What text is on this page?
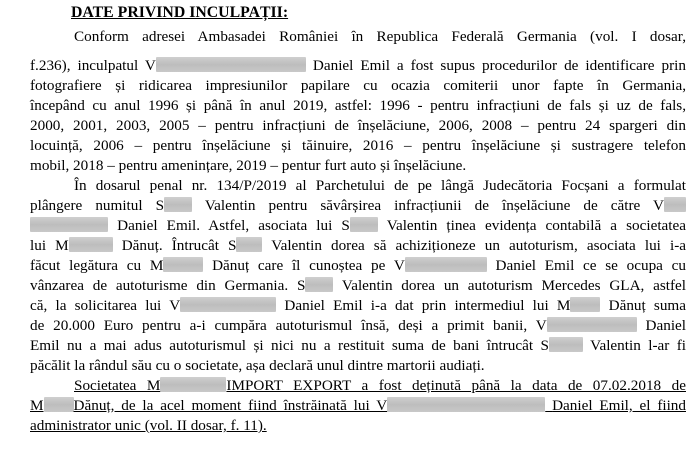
DATE PRIVIND INCULPAȚII:
Conform adresei Ambasadei României în Republica Federală Germania (vol. I dosar,
f.236), inculpatul V	Daniel Emil a fost supus procedurilor de identificare prin
fotografiere și ridicarea impresiunilor papilare cu ocazia comiterii unor fapte în Germania,
începând cu anul 1996 și până în anul 2019, astfel: 1996 - pentru infracțiuni de fals și uz de fals,
2000, 2001, 2003, 2005 – pentru infracțiuni de înșelăciune, 2006, 2008 – pentru 24 spargeri din
locuință, 2006 – pentru înșelăciune și tăinuire, 2016 – pentru înșelăciune și sustragere telefon
mobil, 2018 – pentru amenințare, 2019 – pentur furt auto și înșelăciune.
În dosarul penal nr. 134/P/2019 al Parchetului de pe lângă Judecătoria Focșani a formulat
plângere numitul S	Valentin pentru săvârșirea infracțiunii de înșelăciune de către V
Daniel Emil. Astfel, asociata lui S Valentin ținea evidența contabilă a societatea
lui M	Dănuț. Întrucât S Valentin dorea să achiziționeze un autoturism, asociata lui i-a
făcut legătura cu M	Dănuț care îl cunoștea pe V	Daniel Emil ce se ocupa cu
vânzarea de autoturisme din Germania. S Valentin dorea un autoturism Mercedes GLA, astfel
că, la solicitarea lui V	Daniel Emil i-a dat prin intermediul lui M	Dănuț suma
de 20.000 Euro pentru a-i cumpăra autoturismul însă, deși a primit banii, V	Daniel
Emil nu a mai adus autoturismul și nici nu a restituit suma de bani întrucât S	Valentin l-ar fi
păcălit la rândul său cu o societate, așa declară unul dintre martorii audiați.
Societatea M	IMPORT EXPORT a fost deținută până la data de 07.02.2018 de
M Dănuț, de la acel moment fiind înstrăinată lui V	Daniel Emil, el fiind
administrator unic (vol. II dosar, f. 11).
